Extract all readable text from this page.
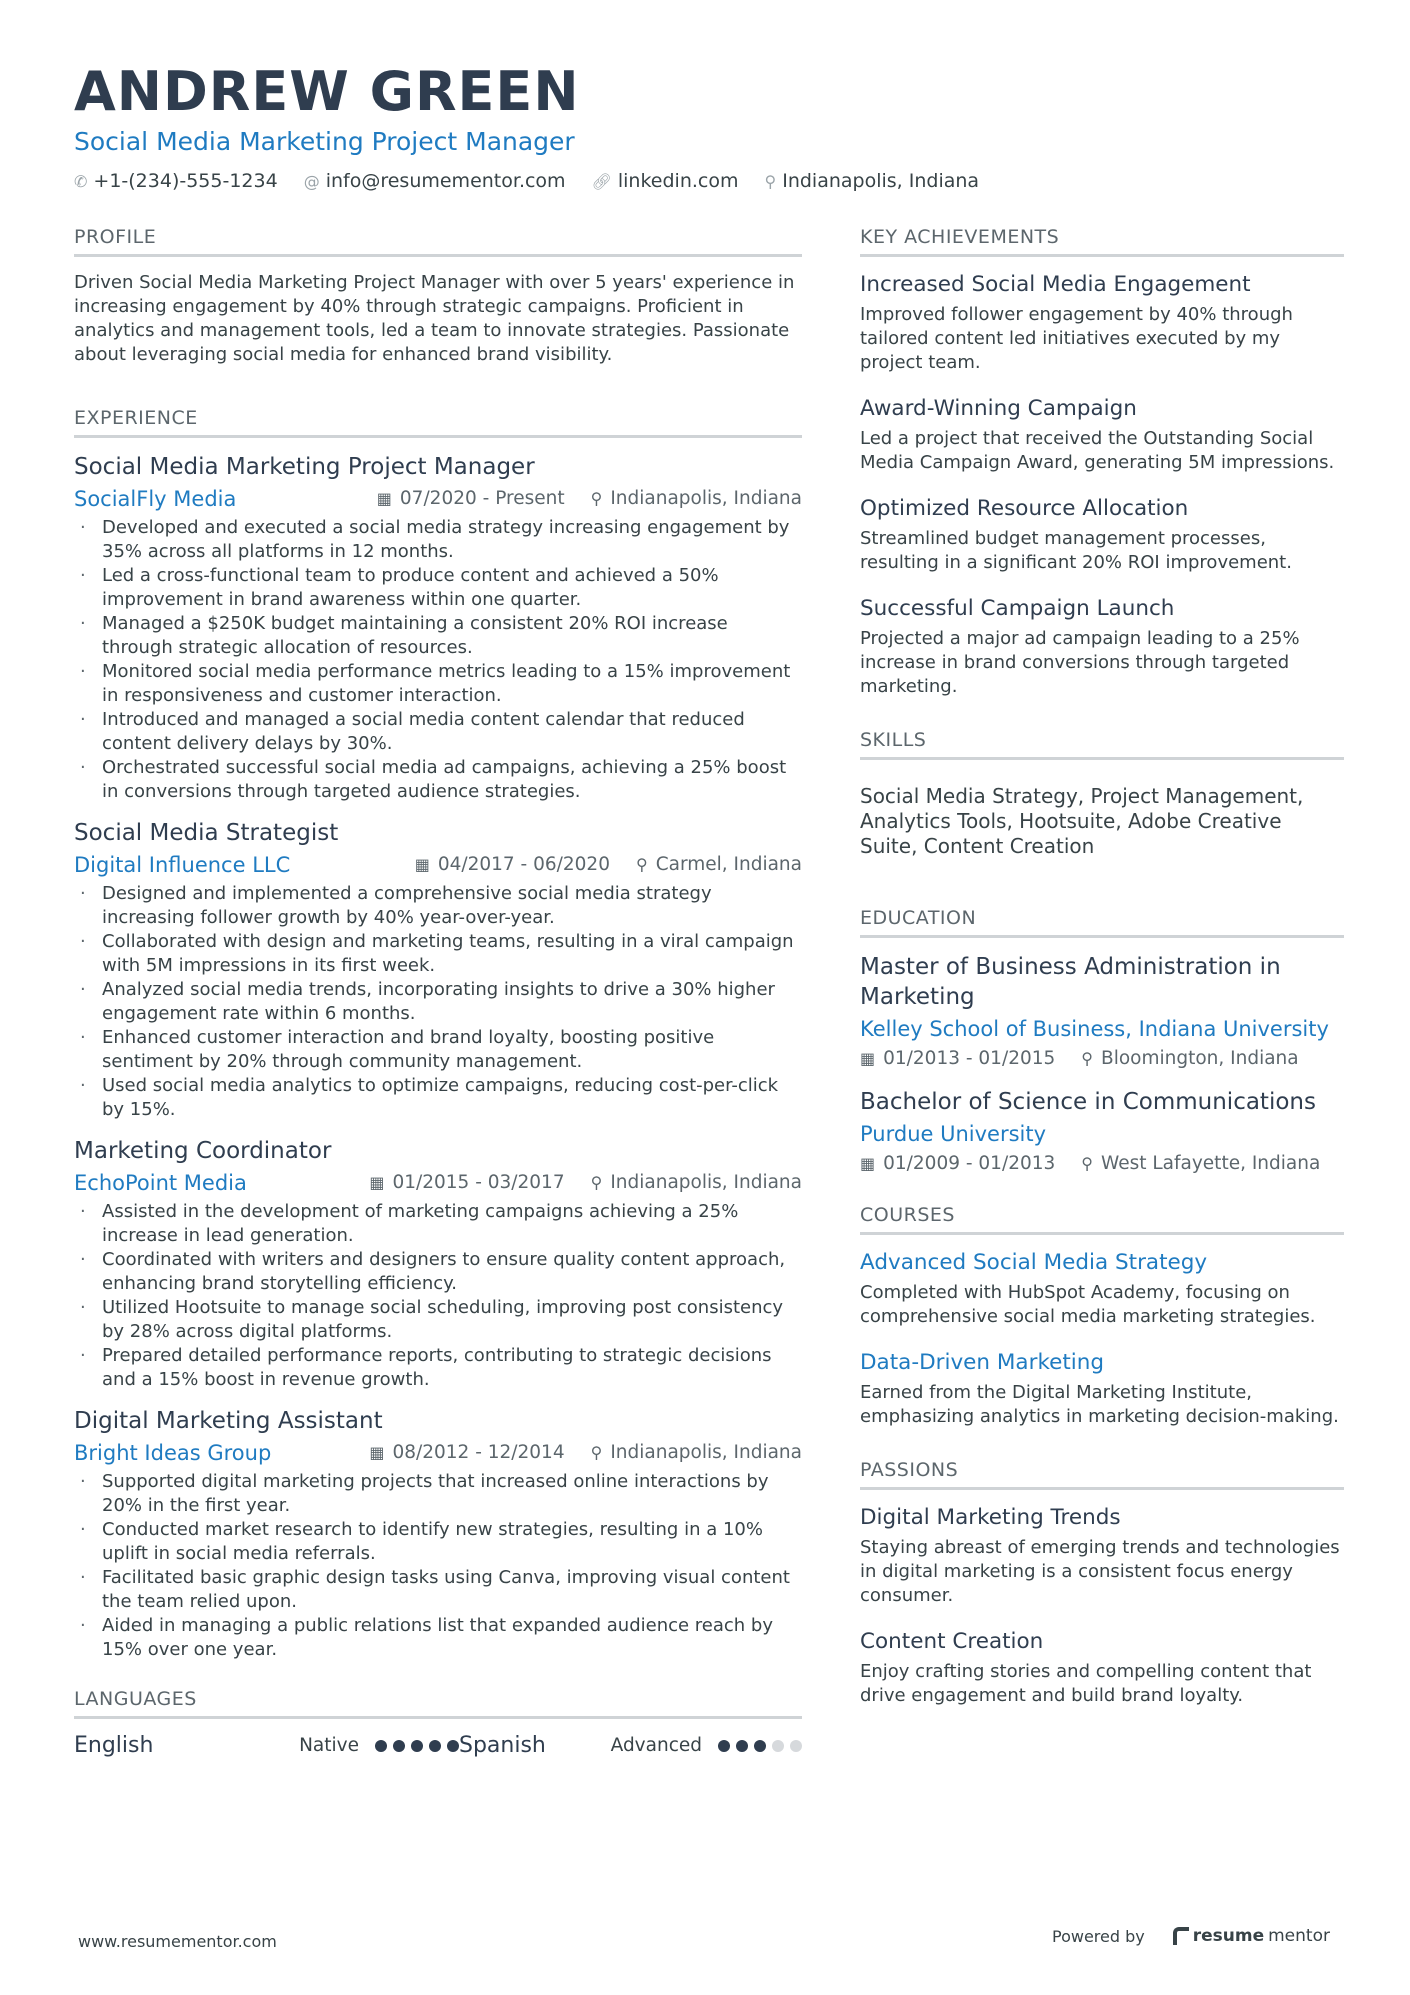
ANDREW GREEN
Social Media Marketing Project Manager
✆ +1-(234)-555-1234 @ info@resumementor.com 🔗︎ linkedin.com ⚲ Indianapolis, Indiana
PROFILE
Driven Social Media Marketing Project Manager with over 5 years' experience in increasing engagement by 40% through strategic campaigns. Proficient in analytics and management tools, led a team to innovate strategies. Passionate about leveraging social media for enhanced brand visibility.
EXPERIENCE
Social Media Marketing Project Manager
SocialFly Media	▦ 07/2020 - Present ⚲ Indianapolis, Indiana
· Developed and executed a social media strategy increasing engagement by 35% across all platforms in 12 months.
· Led a cross-functional team to produce content and achieved a 50% improvement in brand awareness within one quarter.
· Managed a $250K budget maintaining a consistent 20% ROI increase through strategic allocation of resources.
· Monitored social media performance metrics leading to a 15% improvement in responsiveness and customer interaction.
· Introduced and managed a social media content calendar that reduced content delivery delays by 30%.
· Orchestrated successful social media ad campaigns, achieving a 25% boost in conversions through targeted audience strategies.
Social Media Strategist
Digital Influence LLC	▦ 04/2017 - 06/2020 ⚲ Carmel, Indiana
· Designed and implemented a comprehensive social media strategy increasing follower growth by 40% year-over-year.
· Collaborated with design and marketing teams, resulting in a viral campaign with 5M impressions in its first week.
· Analyzed social media trends, incorporating insights to drive a 30% higher engagement rate within 6 months.
· Enhanced customer interaction and brand loyalty, boosting positive sentiment by 20% through community management.
· Used social media analytics to optimize campaigns, reducing cost-per-click by 15%.
Marketing Coordinator
EchoPoint Media	▦ 01/2015 - 03/2017 ⚲ Indianapolis, Indiana
· Assisted in the development of marketing campaigns achieving a 25% increase in lead generation.
· Coordinated with writers and designers to ensure quality content approach, enhancing brand storytelling efficiency.
· Utilized Hootsuite to manage social scheduling, improving post consistency by 28% across digital platforms.
· Prepared detailed performance reports, contributing to strategic decisions and a 15% boost in revenue growth.
Digital Marketing Assistant
Bright Ideas Group	▦ 08/2012 - 12/2014 ⚲ Indianapolis, Indiana
· Supported digital marketing projects that increased online interactions by 20% in the first year.
· Conducted market research to identify new strategies, resulting in a 10% uplift in social media referrals.
· Facilitated basic graphic design tasks using Canva, improving visual content the team relied upon.
· Aided in managing a public relations list that expanded audience reach by 15% over one year.
LANGUAGES
English	Native	Spanish	Advanced
KEY ACHIEVEMENTS
Increased Social Media Engagement
Improved follower engagement by 40% through tailored content led initiatives executed by my project team.
Award-Winning Campaign
Led a project that received the Outstanding Social Media Campaign Award, generating 5M impressions.
Optimized Resource Allocation
Streamlined budget management processes, resulting in a significant 20% ROI improvement.
Successful Campaign Launch
Projected a major ad campaign leading to a 25% increase in brand conversions through targeted marketing.
SKILLS
Social Media Strategy, Project Management, Analytics Tools, Hootsuite, Adobe Creative Suite, Content Creation
EDUCATION
Master of Business Administration in Marketing
Kelley School of Business, Indiana University
▦ 01/2013 - 01/2015 ⚲ Bloomington, Indiana
Bachelor of Science in Communications
Purdue University
▦ 01/2009 - 01/2013 ⚲ West Lafayette, Indiana
COURSES
Advanced Social Media Strategy
Completed with HubSpot Academy, focusing on comprehensive social media marketing strategies.
Data-Driven Marketing
Earned from the Digital Marketing Institute, emphasizing analytics in marketing decision-making.
PASSIONS
Digital Marketing Trends
Staying abreast of emerging trends and technologies in digital marketing is a consistent focus energy consumer.
Content Creation
Enjoy crafting stories and compelling content that drive engagement and build brand loyalty.
www.resumementor.com	Powered by	resume mentor
